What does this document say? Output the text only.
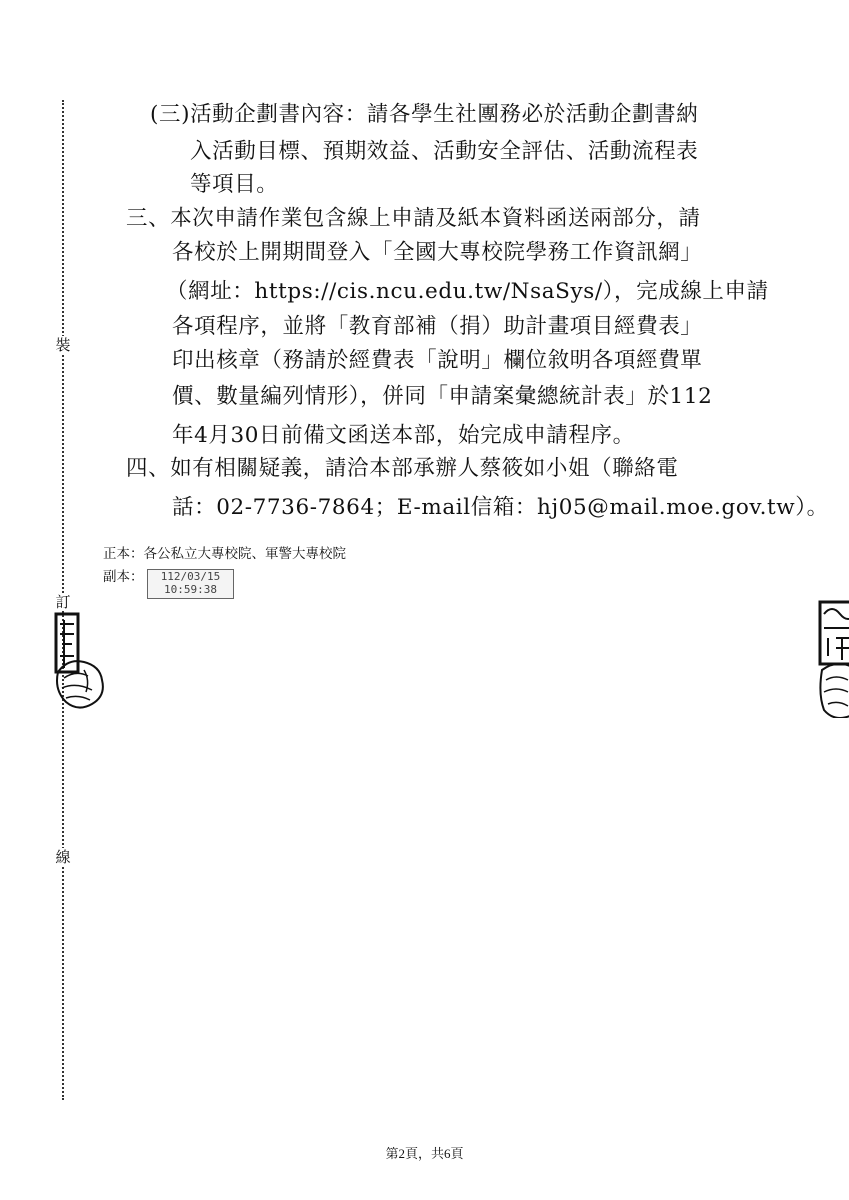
裝
訂
線
(三)活動企劃書內容：請各學生社團務必於活動企劃書納
入活動目標、預期效益、活動安全評估、活動流程表
等項目。
三、本次申請作業包含線上申請及紙本資料函送兩部分，請
各校於上開期間登入「全國大專校院學務工作資訊網」
（網址：https://cis.ncu.edu.tw/NsaSys/），完成線上申請
各項程序，並將「教育部補（捐）助計畫項目經費表」
印出核章（務請於經費表「說明」欄位敘明各項經費單
價、數量編列情形），併同「申請案彙總統計表」於112
年4月30日前備文函送本部，始完成申請程序。
四、如有相關疑義，請洽本部承辦人蔡筱如小姐（聯絡電
話：02-7736-7864；E-mail信箱：hj05@mail.moe.gov.tw）。
正本：各公私立大專校院、軍警大專校院
副本：	112/03/15
10:59:38
第2頁，共6頁
